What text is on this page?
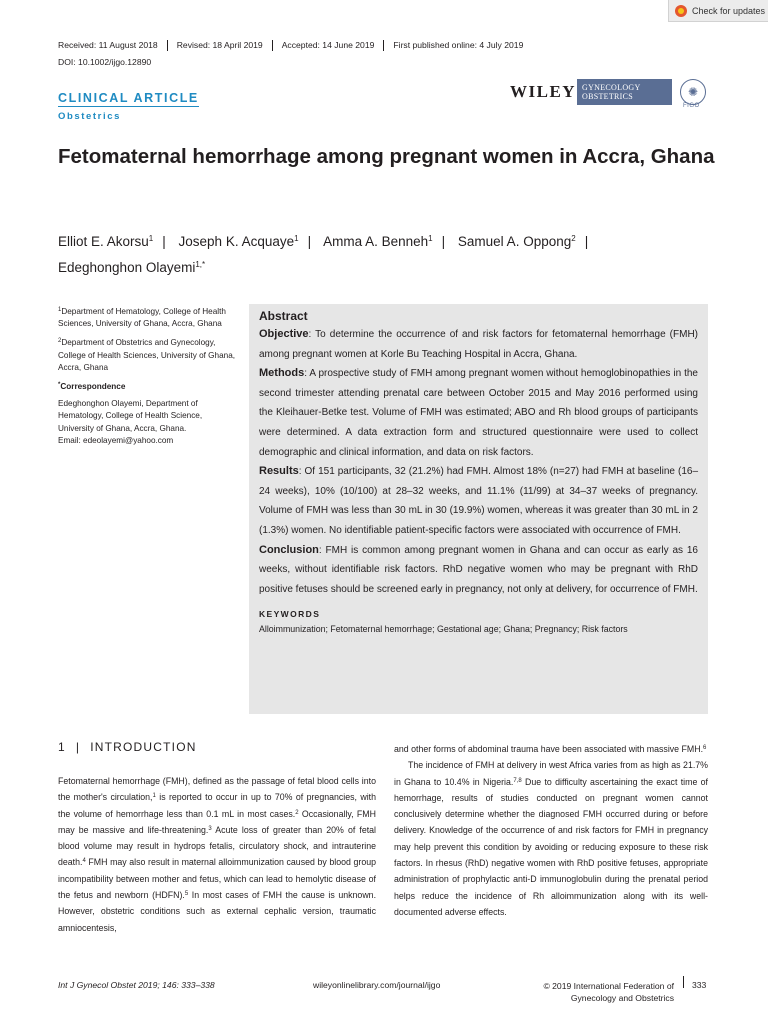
Check for updates
Received: 11 August 2018	Revised: 18 April 2019	Accepted: 14 June 2019	First published online: 4 July 2019
DOI: 10.1002/ijgo.12890
CLINICAL ARTICLE
Obstetrics
WILEY GYNECOLOGY
OBSTETRICS	✺
FIGO
Fetomaternal hemorrhage among pregnant women in Accra, Ghana
Elliot E. Akorsu$^1$ | Joseph K. Acquaye$^1$ | Amma A. Benneh$^1$ | Samuel A. Oppong$^2$ |
Edeghonghon Olayemi$^{1,*}$

$^1$Department of Hematology, College of Health Sciences, University of Ghana, Accra, Ghana

$^2$Department of Obstetrics and Gynecology, College of Health Sciences, University of Ghana, Accra, Ghana

*Correspondence

Edeghonghon Olayemi, Department of Hematology, College of Health Science, University of Ghana, Accra, Ghana.
Email: edeolayemi@yahoo.com
Abstract

Objective: To determine the occurrence of and risk factors for fetomaternal hemorrhage (FMH) among pregnant women at Korle Bu Teaching Hospital in Accra, Ghana.

Methods: A prospective study of FMH among pregnant women without hemoglobinopathies in the second trimester attending prenatal care between October 2015 and May 2016 performed using the Kleihauer-Betke test. Volume of FMH was estimated; ABO and Rh blood groups of participants were determined. A data extraction form and structured questionnaire were used to collect demographic and clinical information, and data on risk factors.

Results: Of 151 participants, 32 (21.2%) had FMH. Almost 18% (n=27) had FMH at baseline (16–24 weeks), 10% (10/100) at 28–32 weeks, and 11.1% (11/99) at 34–37 weeks of pregnancy. Volume of FMH was less than 30 mL in 30 (19.9%) women, whereas it was greater than 30 mL in 2 (1.3%) women. No identifiable patient-specific factors were associated with occurrence of FMH.

Conclusion: FMH is common among pregnant women in Ghana and can occur as early as 16 weeks, without identifiable risk factors. RhD negative women who may be pregnant with RhD positive fetuses should be screened early in pregnancy, not only at delivery, for occurrence of FMH.

KEYWORDS
Alloimmunization; Fetomaternal hemorrhage; Gestational age; Ghana; Pregnancy; Risk factors
1 | INTRODUCTION
Fetomaternal hemorrhage (FMH), defined as the passage of fetal blood cells into the mother's circulation,$^1$ is reported to occur in up to 70% of pregnancies, with the volume of hemorrhage less than 0.1 mL in most cases.$^2$ Occasionally, FMH may be massive and life-threatening.$^3$ Acute loss of greater than 20% of fetal blood volume may result in hydrops fetalis, circulatory shock, and intrauterine death.$^4$ FMH may also result in maternal alloimmunization caused by blood group incompatibility between mother and fetus, which can lead to hemolytic disease of the fetus and newborn (HDFN).$^5$ In most cases of FMH the cause is unknown. However, obstetric conditions such as external cephalic version, traumatic amniocentesis,

and other forms of abdominal trauma have been associated with massive FMH.$^6$

The incidence of FMH at delivery in west Africa varies from as high as 21.7% in Ghana to 10.4% in Nigeria.$^{7,8}$ Due to difficulty ascertaining the exact time of hemorrhage, results of studies conducted on pregnant women cannot conclusively determine whether the diagnosed FMH occurred during or before delivery. Knowledge of the occurrence of and risk factors for FMH in pregnancy may help prevent this condition by avoiding or reducing exposure to these risk factors. In rhesus (RhD) negative women with RhD positive fetuses, appropriate administration of prophylactic anti-D immunoglobulin during the prenatal period helps reduce the incidence of Rh alloimmunization along with its well-documented adverse effects.

Int J Gynecol Obstet 2019; 146: 333–338	wileyonlinelibrary.com/journal/ijgo	© 2019 International Federation of
Gynecology and Obstetrics
333
